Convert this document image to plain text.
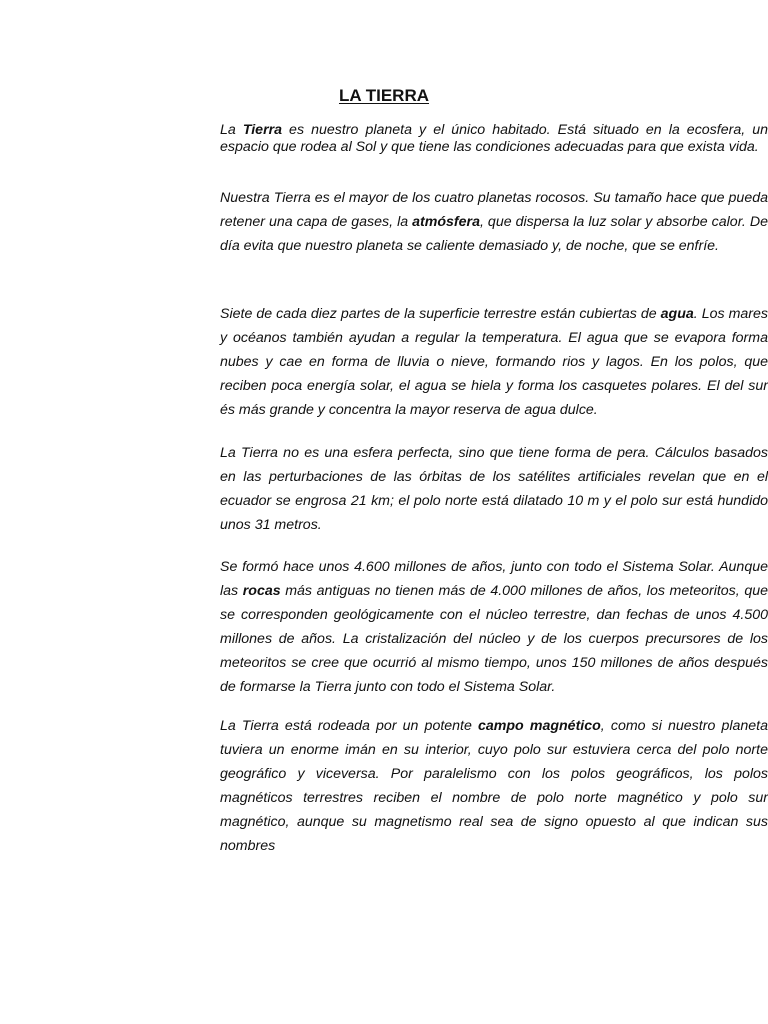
LA TIERRA

La Tierra es nuestro planeta y el único habitado. Está situado en la ecosfera, un espacio que rodea al Sol y que tiene las condiciones adecuadas para que exista vida.

Nuestra Tierra es el mayor de los cuatro planetas rocosos. Su tamaño hace que pueda retener una capa de gases, la atmósfera, que dispersa la luz solar y absorbe calor. De día evita que nuestro planeta se caliente demasiado y, de noche, que se enfríe.

Siete de cada diez partes de la superficie terrestre están cubiertas de agua. Los mares y océanos también ayudan a regular la temperatura. El agua que se evapora forma nubes y cae en forma de lluvia o nieve, formando rios y lagos. En los polos, que reciben poca energía solar, el agua se hiela y forma los casquetes polares. El del sur és más grande y concentra la mayor reserva de agua dulce.

La Tierra no es una esfera perfecta, sino que tiene forma de pera. Cálculos basados en las perturbaciones de las órbitas de los satélites artificiales revelan que en el ecuador se engrosa 21 km; el polo norte está dilatado 10 m y el polo sur está hundido unos 31 metros.

Se formó hace unos 4.600 millones de años, junto con todo el Sistema Solar. Aunque las rocas más antiguas no tienen más de 4.000 millones de años, los meteoritos, que se corresponden geológicamente con el núcleo terrestre, dan fechas de unos 4.500 millones de años. La cristalización del núcleo y de los cuerpos precursores de los meteoritos se cree que ocurrió al mismo tiempo, unos 150 millones de años después de formarse la Tierra junto con todo el Sistema Solar.

La Tierra está rodeada por un potente campo magnético, como si nuestro planeta tuviera un enorme imán en su interior, cuyo polo sur estuviera cerca del polo norte geográfico y viceversa. Por paralelismo con los polos geográficos, los polos magnéticos terrestres reciben el nombre de polo norte magnético y polo sur magnético, aunque su magnetismo real sea de signo opuesto al que indican sus nombres
